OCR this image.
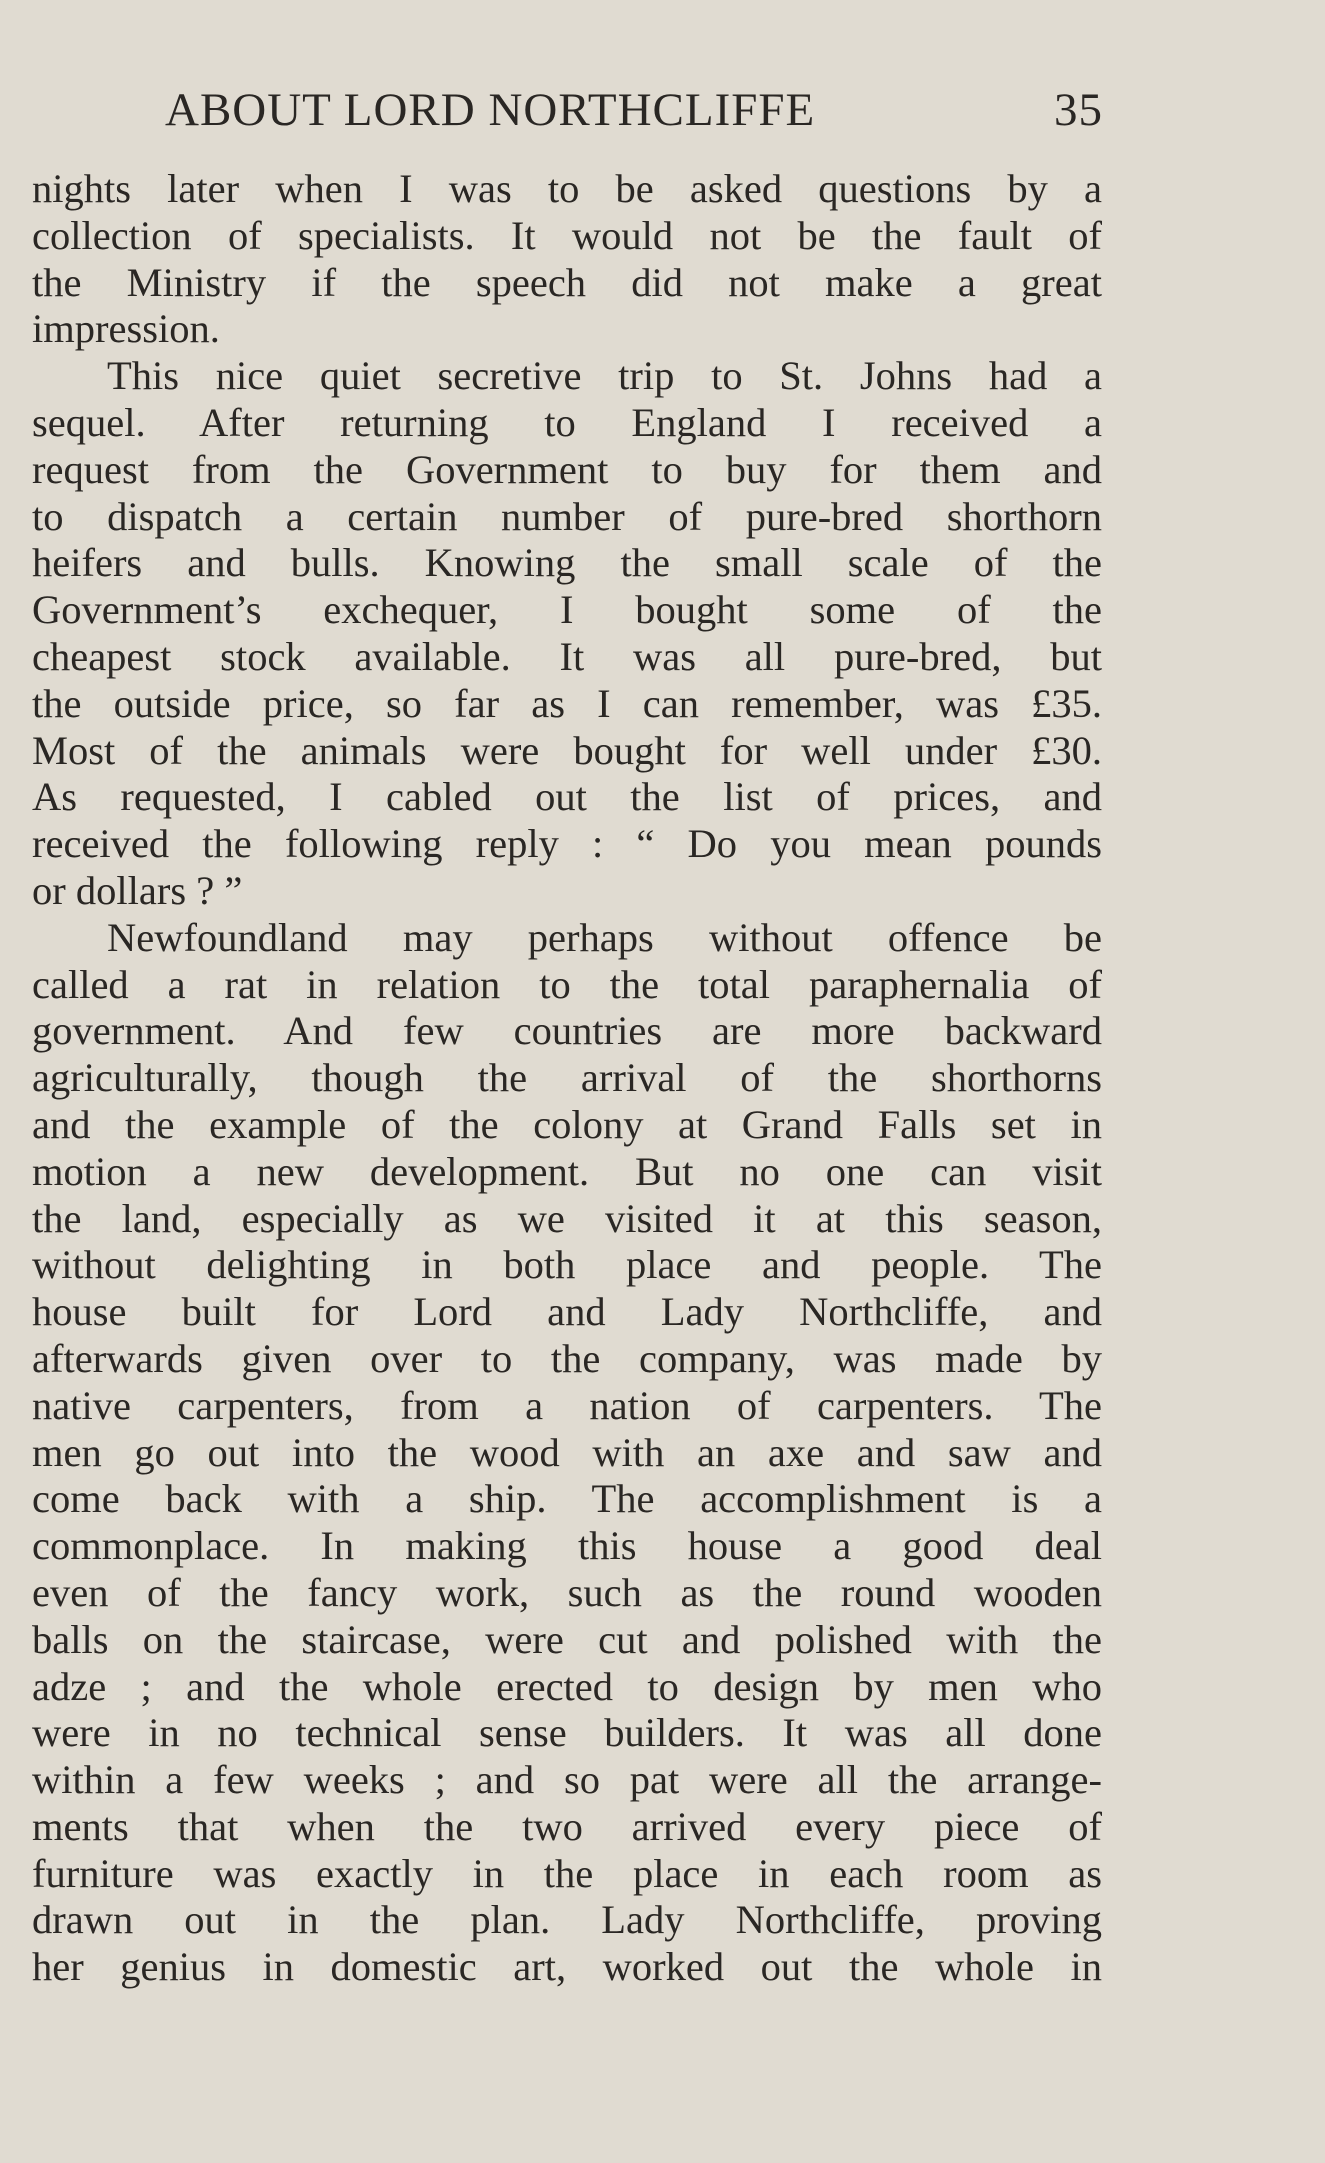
ABOUT LORD NORTHCLIFFE	35
nights later when I was to be asked questions by a
collection of specialists. It would not be the fault of
the Ministry if the speech did not make a great
impression.
This nice quiet secretive trip to St. Johns had a
sequel. After returning to England I received a
request from the Government to buy for them and
to dispatch a certain number of pure-bred shorthorn
heifers and bulls. Knowing the small scale of the
Government’s exchequer, I bought some of the
cheapest stock available. It was all pure-bred, but
the outside price, so far as I can remember, was £35.
Most of the animals were bought for well under £30.
As requested, I cabled out the list of prices, and
received the following reply : “ Do you mean pounds
or dollars ? ”
Newfoundland may perhaps without offence be
called a rat in relation to the total paraphernalia of
government. And few countries are more backward
agriculturally, though the arrival of the shorthorns
and the example of the colony at Grand Falls set in
motion a new development. But no one can visit
the land, especially as we visited it at this season,
without delighting in both place and people. The
house built for Lord and Lady Northcliffe, and
afterwards given over to the company, was made by
native carpenters, from a nation of carpenters. The
men go out into the wood with an axe and saw and
come back with a ship. The accomplishment is a
commonplace. In making this house a good deal
even of the fancy work, such as the round wooden
balls on the staircase, were cut and polished with the
adze ; and the whole erected to design by men who
were in no technical sense builders. It was all done
within a few weeks ; and so pat were all the arrange-
ments that when the two arrived every piece of
furniture was exactly in the place in each room as
drawn out in the plan. Lady Northcliffe, proving
her genius in domestic art, worked out the whole in
